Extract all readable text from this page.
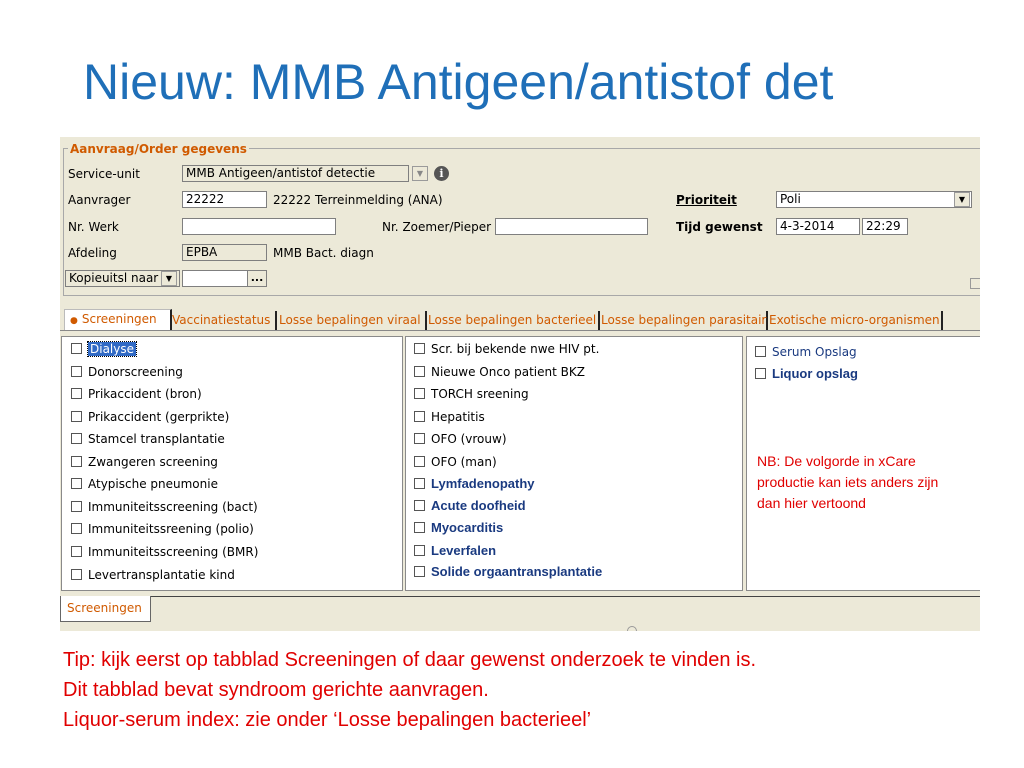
Nieuw: MMB Antigeen/antistof det
Aanvraag/Order gegevens
Service-unit	MMB Antigeen/antistof detectie	▼	i
Aanvrager	22222	22222 Terreinmelding (ANA)	Prioriteit	Poli	▼
Nr. Werk	Nr. Zoemer/Pieper	Tijd gewenst	4-3-2014	22:29
Afdeling	EPBA	MMB Bact. diagn
Kopieuitsl naar ▼	...
● Screeningen	Vaccinatiestatus Losse bepalingen viraal Losse bepalingen bacterieel Losse bepalingen parasitair Exotische micro-organismen
Dialyse
Donorscreening
Prikaccident (bron)
Prikaccident (gerprikte)
Stamcel transplantatie
Zwangeren screening
Atypische pneumonie
Immuniteitsscreening (bact)
Immuniteitssreening (polio)
Immuniteitsscreening (BMR)
Levertransplantatie kind
Scr. bij bekende nwe HIV pt.
Nieuwe Onco patient BKZ
TORCH sreening
Hepatitis
OFO (vrouw)
OFO (man)
Lymfadenopathy
Acute doofheid
Myocarditis
Leverfalen
Solide orgaantransplantatie
Serum Opslag
Liquor opslag
NB: De volgorde in xCare productie kan iets anders zijn dan hier vertoond
Screeningen
Tip: kijk eerst op tabblad Screeningen of daar gewenst onderzoek te vinden is.
Dit tabblad bevat syndroom gerichte aanvragen.
Liquor-serum index: zie onder ‘Losse bepalingen bacterieel’
